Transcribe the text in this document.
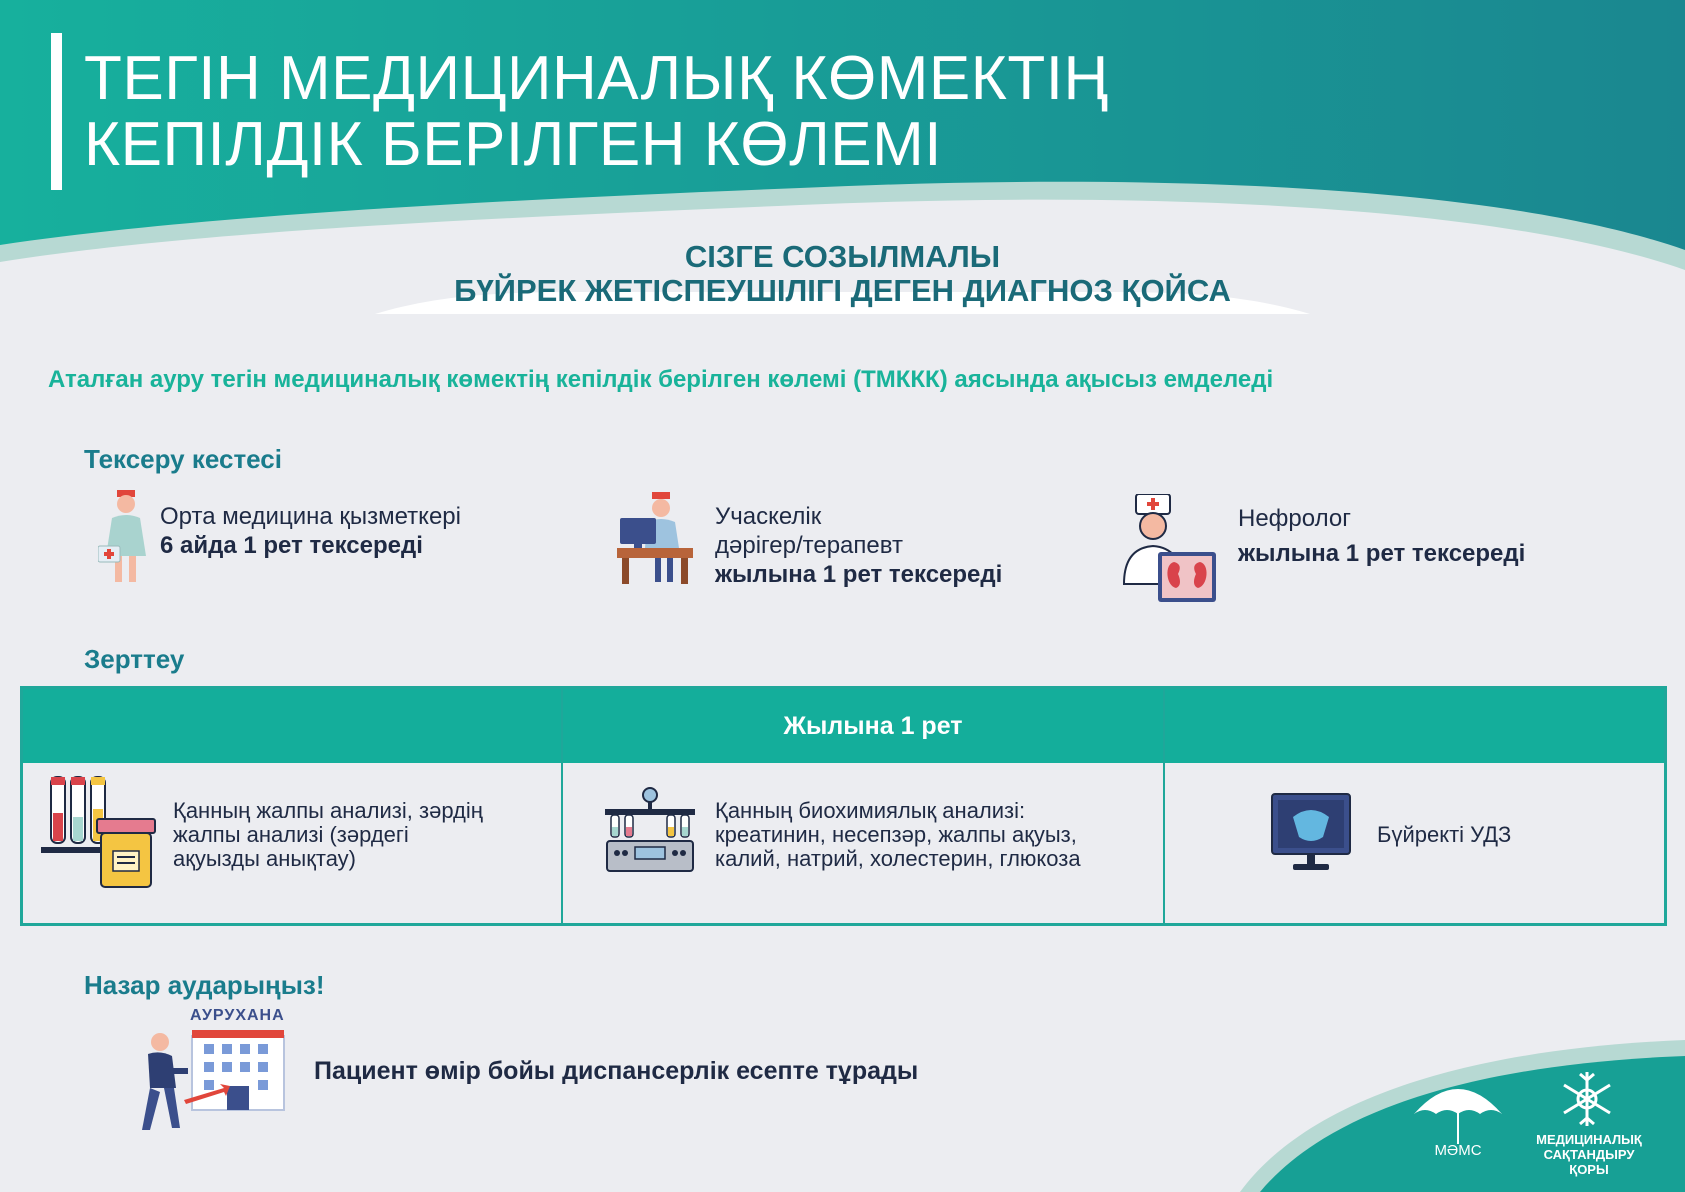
ТЕГІН МЕДИЦИНАЛЫҚ КӨМЕКТІҢ
КЕПІЛДІК БЕРІЛГЕН КӨЛЕМІ
СІЗГЕ СОЗЫЛМАЛЫ
БҮЙРЕК ЖЕТІСПЕУШІЛІГІ ДЕГЕН ДИАГНОЗ ҚОЙСА
Аталған ауру тегін медициналық көмектің кепілдік берілген көлемі (ТМККК) аясында ақысыз емделеді
Тексеру кестесі
Орта медицина қызметкері
6 айда 1 рет тексереді
Учаскелік
дәрігер/терапевт
жылына 1 рет тексереді
Нефролог
жылына 1 рет тексереді
Зерттеу
Жылына 1 рет
Қанның жалпы анализі, зәрдің
жалпы анализі (зәрдегі
ақуызды анықтау)
Қанның биохимиялық анализі:
креатинин, несепзәр, жалпы ақуыз,
калий, натрий, холестерин, глюкоза
Бүйректі УДЗ
Назар аударыңыз!
АУРУХАНА
Пациент өмір бойы диспансерлік есепте тұрады
МӘМС
МЕДИЦИНАЛЫҚ
САҚТАНДЫРУ
ҚОРЫ
